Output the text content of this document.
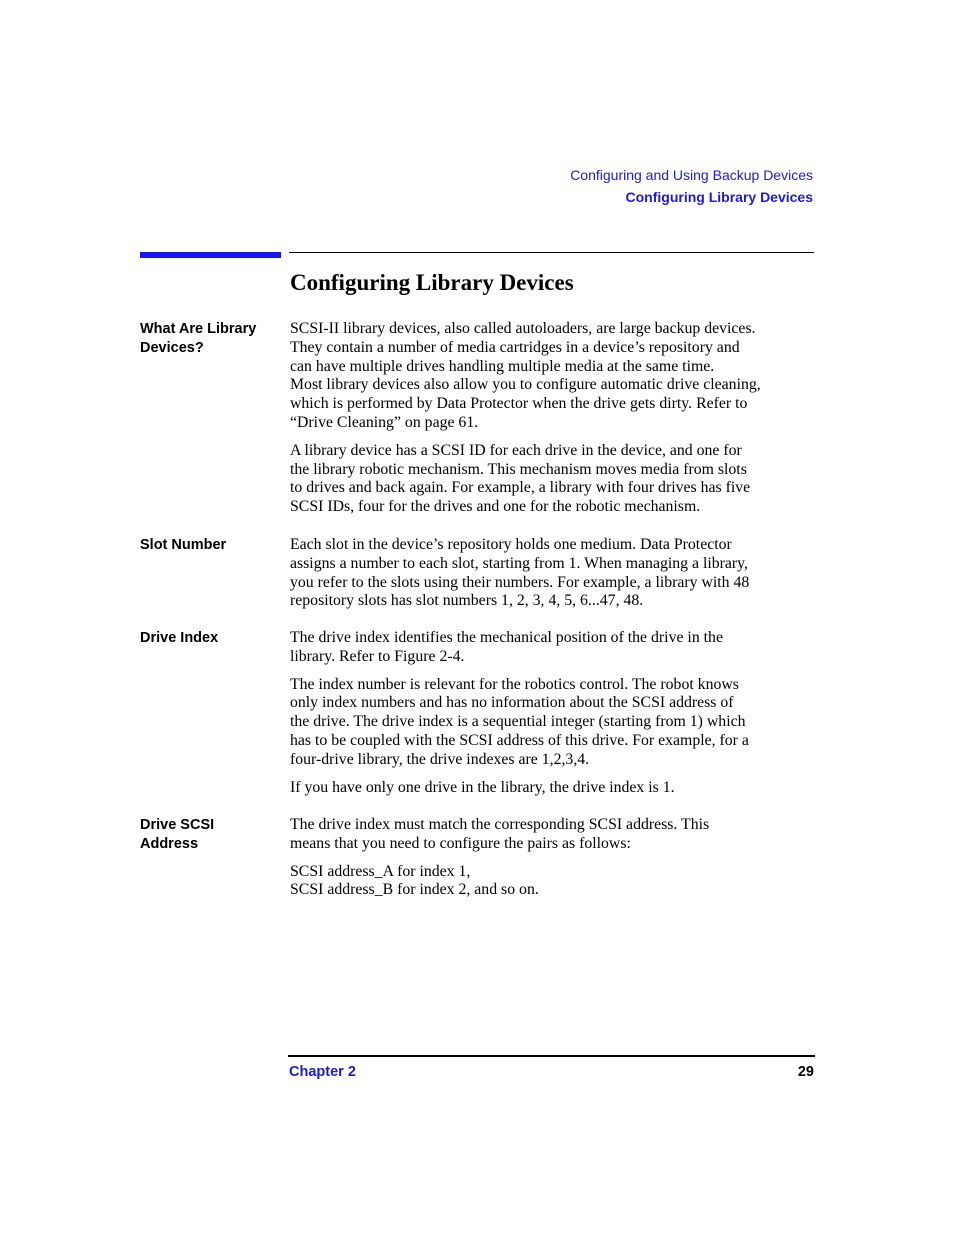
Configuring and Using Backup Devices
Configuring Library Devices
Configuring Library Devices
What Are Library
Devices?

SCSI-II library devices, also called autoloaders, are large backup devices.
They contain a number of media cartridges in a device’s repository and
can have multiple drives handling multiple media at the same time.
Most library devices also allow you to configure automatic drive cleaning,
which is performed by Data Protector when the drive gets dirty. Refer to
“Drive Cleaning” on page 61.

A library device has a SCSI ID for each drive in the device, and one for
the library robotic mechanism. This mechanism moves media from slots
to drives and back again. For example, a library with four drives has five
SCSI IDs, four for the drives and one for the robotic mechanism.

Slot Number	Each slot in the device’s repository holds one medium. Data Protector
assigns a number to each slot, starting from 1. When managing a library,
you refer to the slots using their numbers. For example, a library with 48
repository slots has slot numbers 1, 2, 3, 4, 5, 6...47, 48.

Drive Index	The drive index identifies the mechanical position of the drive in the
library. Refer to Figure 2-4.

The index number is relevant for the robotics control. The robot knows
only index numbers and has no information about the SCSI address of
the drive. The drive index is a sequential integer (starting from 1) which
has to be coupled with the SCSI address of this drive. For example, for a
four-drive library, the drive indexes are 1,2,3,4.

If you have only one drive in the library, the drive index is 1.

Drive SCSI
Address

The drive index must match the corresponding SCSI address. This
means that you need to configure the pairs as follows:

SCSI address_A for index 1,
SCSI address_B for index 2, and so on.

Chapter 2	29
